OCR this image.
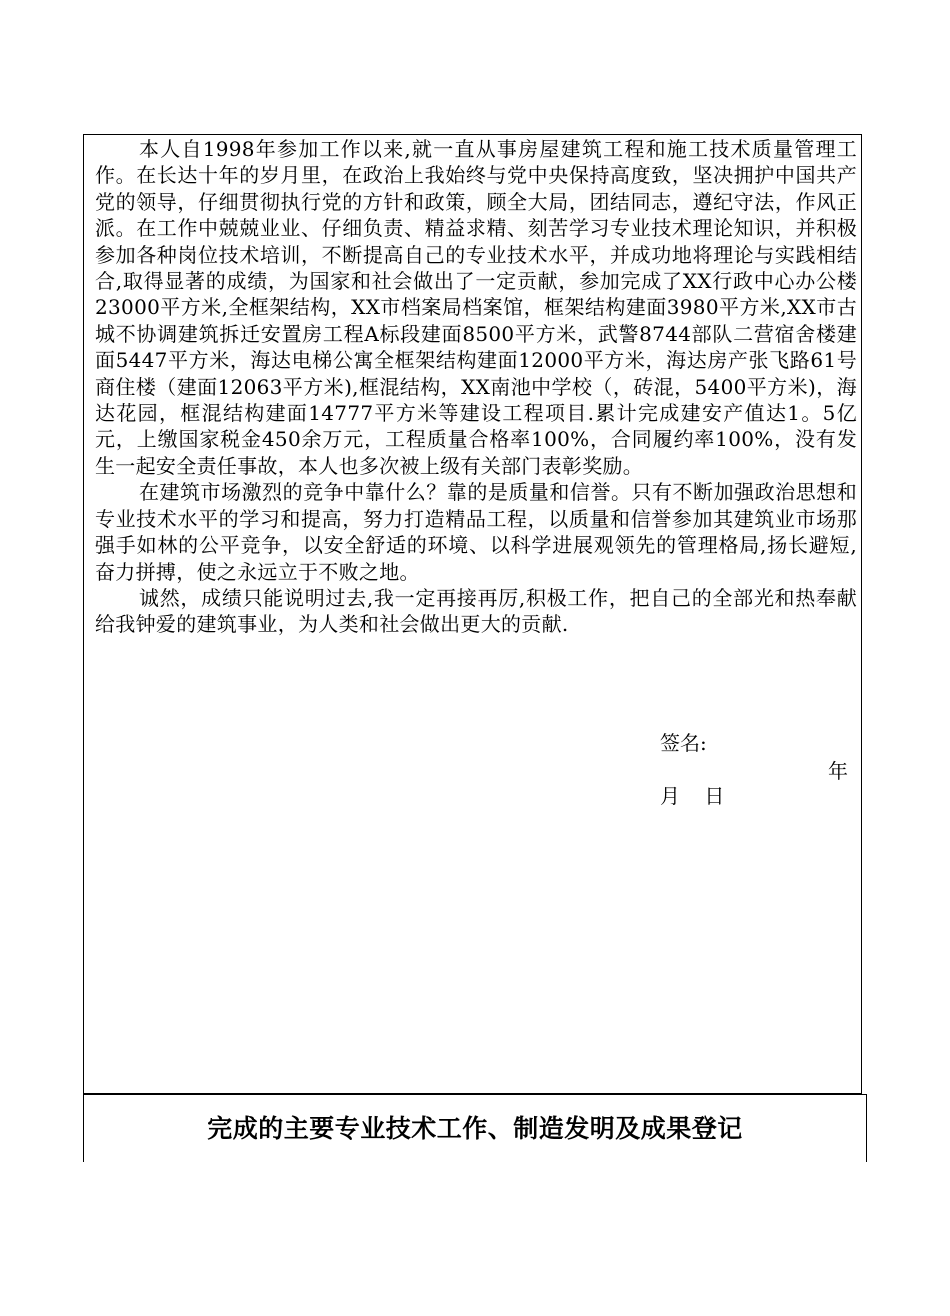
本人自1998年参加工作以来,就一直从事房屋建筑工程和施工技术质量管理工作。在长达十年的岁月里，在政治上我始终与党中央保持高度致，坚决拥护中国共产党的领导，仔细贯彻执行党的方针和政策，顾全大局，团结同志，遵纪守法，作风正派。在工作中兢兢业业、仔细负责、精益求精、刻苦学习专业技术理论知识，并积极参加各种岗位技术培训，不断提高自己的专业技术水平，并成功地将理论与实践相结合,取得显著的成绩，为国家和社会做出了一定贡献，参加完成了XX行政中心办公楼23000平方米,全框架结构，XX市档案局档案馆，框架结构建面3980平方米,XX市古城不协调建筑拆迁安置房工程A标段建面8500平方米，武警8744部队二营宿舍楼建面5447平方米，海达电梯公寓全框架结构建面12000平方米，海达房产张飞路61号商住楼（建面12063平方米),框混结构，XX南池中学校（，砖混，5400平方米)，海达花园，框混结构建面14777平方米等建设工程项目.累计完成建安产值达1。5亿元，上缴国家税金450余万元，工程质量合格率100%，合同履约率100%，没有发生一起安全责任事故，本人也多次被上级有关部门表彰奖励。

在建筑市场激烈的竞争中靠什么？靠的是质量和信誉。只有不断加强政治思想和专业技术水平的学习和提高，努力打造精品工程，以质量和信誉参加其建筑业市场那强手如林的公平竞争，以安全舒适的环境、以科学进展观领先的管理格局,扬长避短,奋力拼搏，使之永远立于不败之地。

诚然，成绩只能说明过去,我一定再接再厉,积极工作，把自己的全部光和热奉献给我钟爱的建筑事业，为人类和社会做出更大的贡献.

签名:
年
月 日
完成的主要专业技术工作、制造发明及成果登记
